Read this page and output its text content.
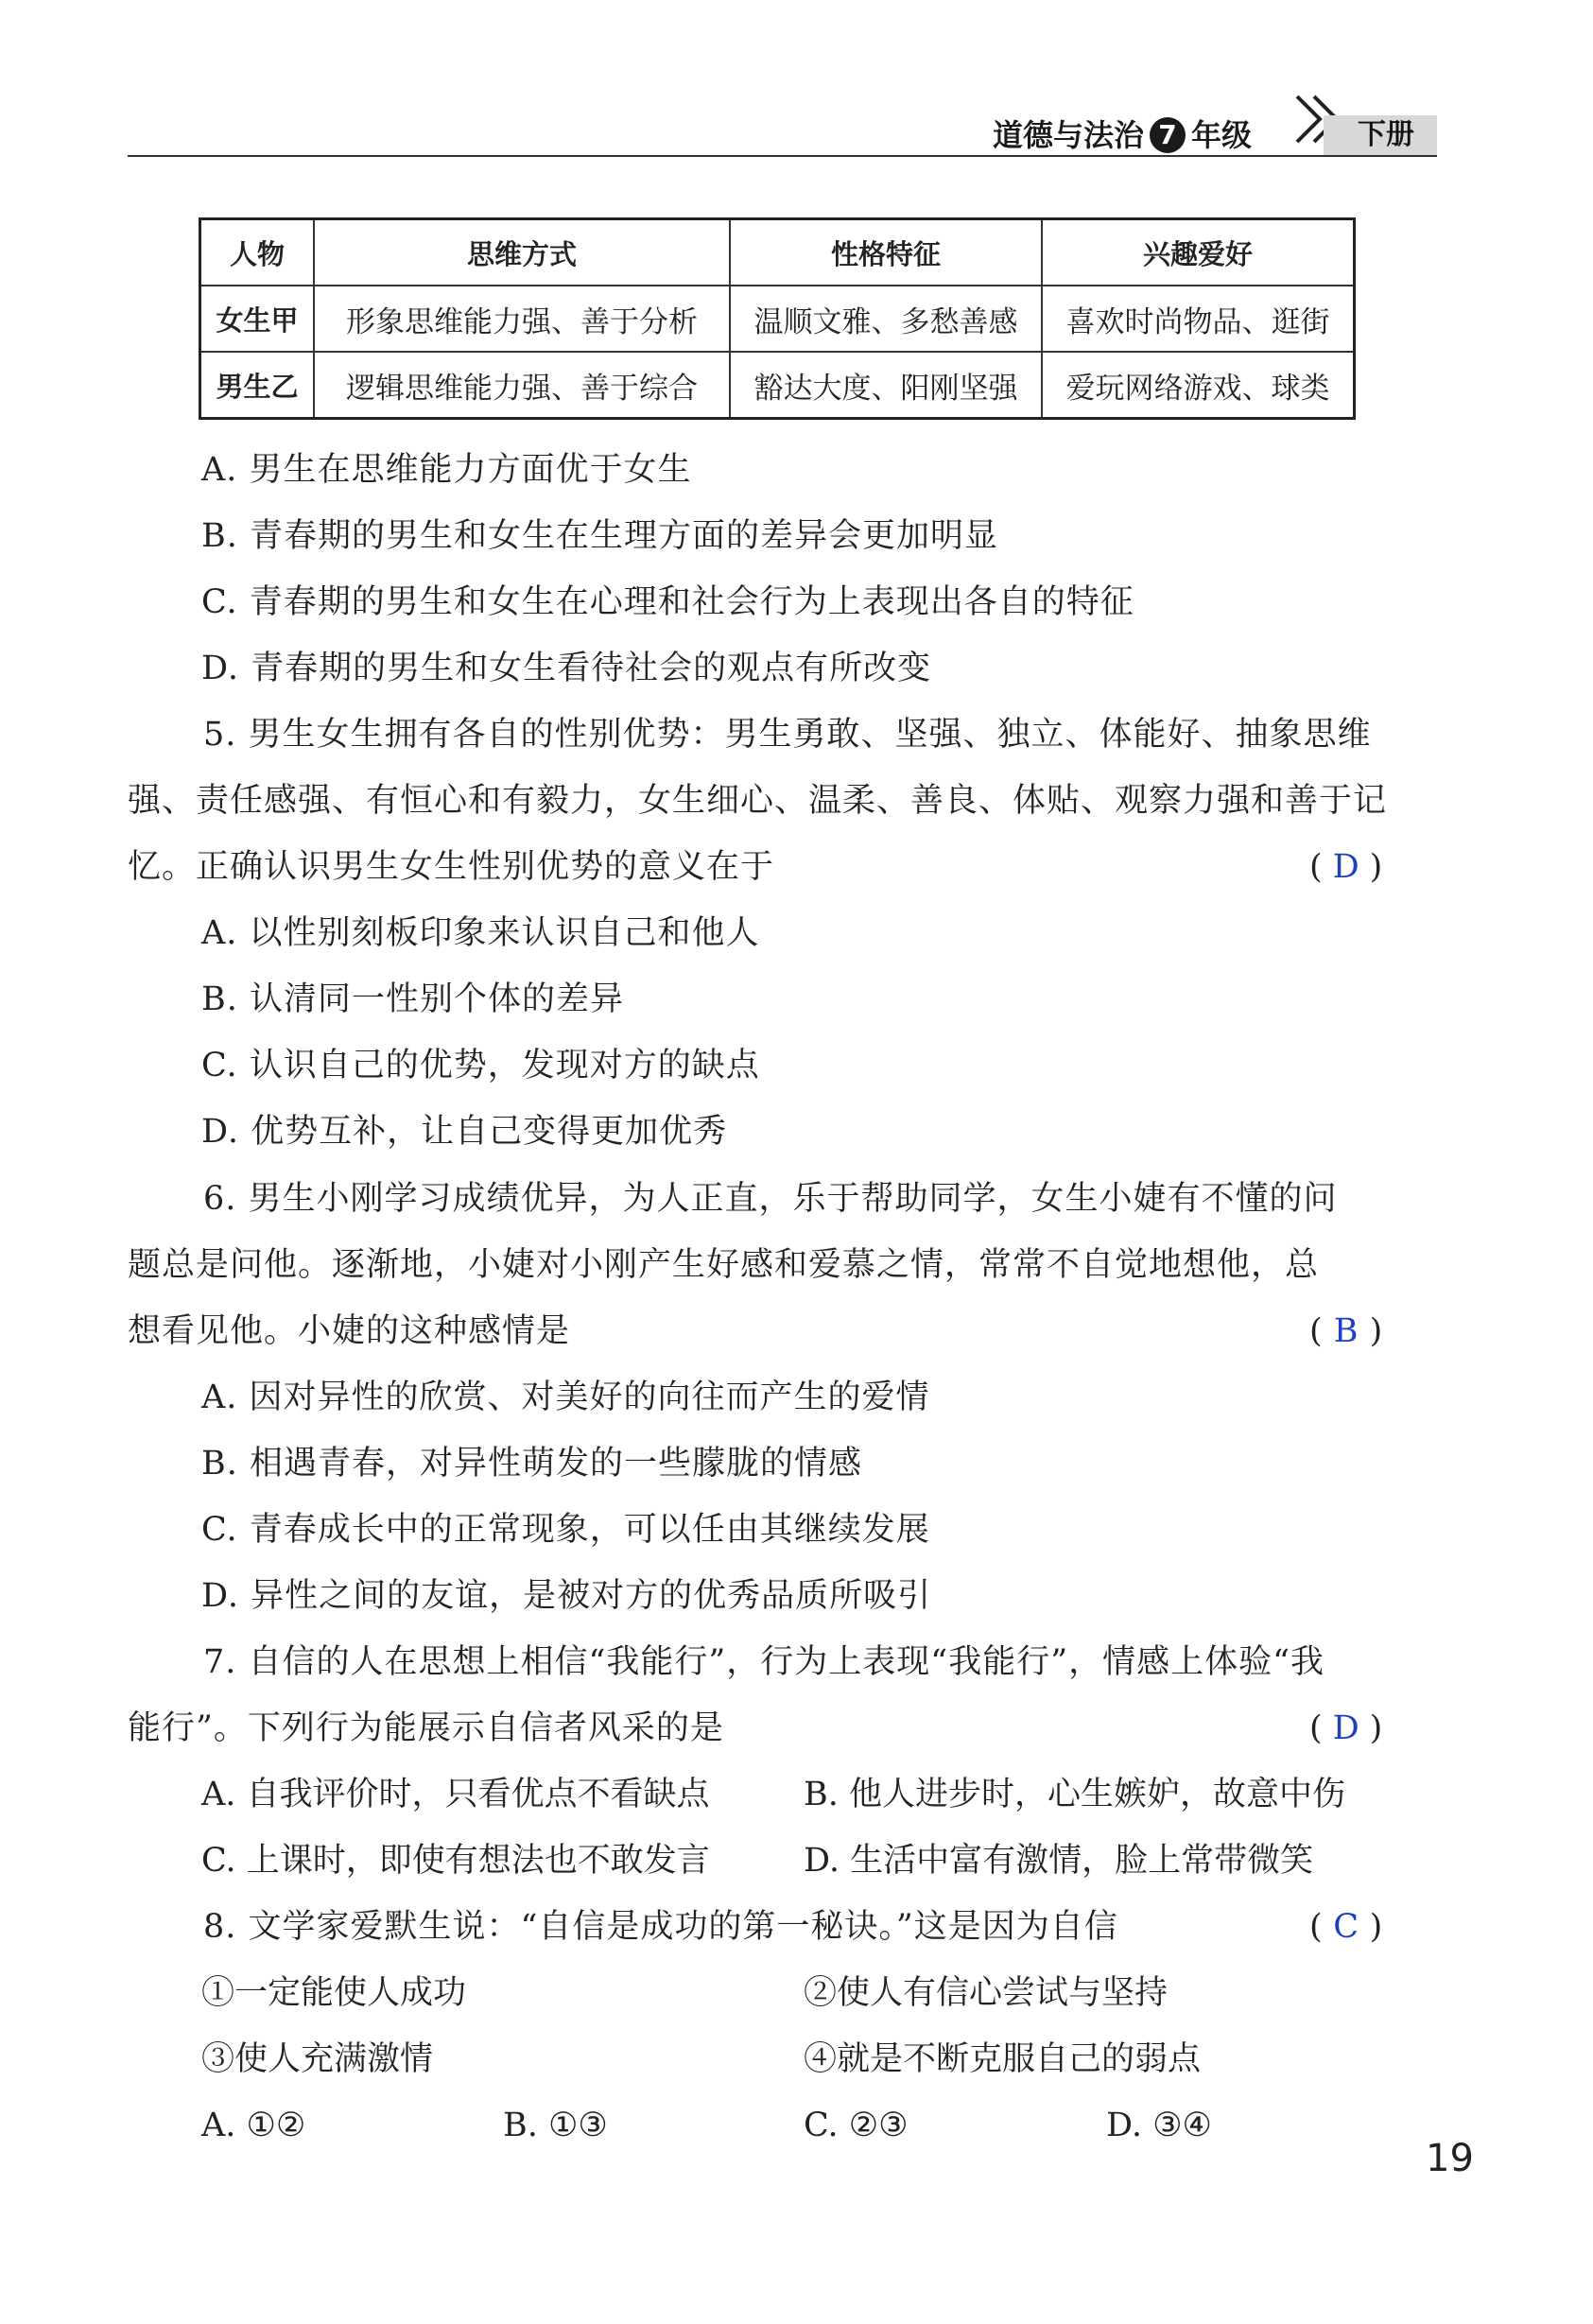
道德与法治 7 年级	下册
人物	思维方式	性格特征	兴趣爱好
女生甲	形象思维能力强、善于分析	温顺文雅、多愁善感	喜欢时尚物品、逛街
男生乙	逻辑思维能力强、善于综合	豁达大度、阳刚坚强	爱玩网络游戏、球类
A. 男生在思维能力方面优于女生
B. 青春期的男生和女生在生理方面的差异会更加明显
C. 青春期的男生和女生在心理和社会行为上表现出各自的特征
D. 青春期的男生和女生看待社会的观点有所改变
5. 男生女生拥有各自的性别优势：男生勇敢、坚强、独立、体能好、抽象思维
强、责任感强、有恒心和有毅力，女生细心、温柔、善良、体贴、观察力强和善于记
忆。正确认识男生女生性别优势的意义在于	( D )
A. 以性别刻板印象来认识自己和他人
B. 认清同一性别个体的差异
C. 认识自己的优势，发现对方的缺点
D. 优势互补，让自己变得更加优秀
6. 男生小刚学习成绩优异，为人正直，乐于帮助同学，女生小婕有不懂的问
题总是问他。逐渐地，小婕对小刚产生好感和爱慕之情，常常不自觉地想他，总
想看见他。小婕的这种感情是	( B )
A. 因对异性的欣赏、对美好的向往而产生的爱情
B. 相遇青春，对异性萌发的一些朦胧的情感
C. 青春成长中的正常现象，可以任由其继续发展
D. 异性之间的友谊，是被对方的优秀品质所吸引
7. 自信的人在思想上相信“我能行”，行为上表现“我能行”，情感上体验“我
能行”。下列行为能展示自信者风采的是	( D )
A. 自我评价时，只看优点不看缺点	B. 他人进步时，心生嫉妒，故意中伤
C. 上课时，即使有想法也不敢发言	D. 生活中富有激情，脸上常带微笑
8. 文学家爱默生说：“自信是成功的第一秘诀。”这是因为自信	( C )
①一定能使人成功	②使人有信心尝试与坚持
③使人充满激情	④就是不断克服自己的弱点
A. ①②	B. ①③	C. ②③	D. ③④
19
